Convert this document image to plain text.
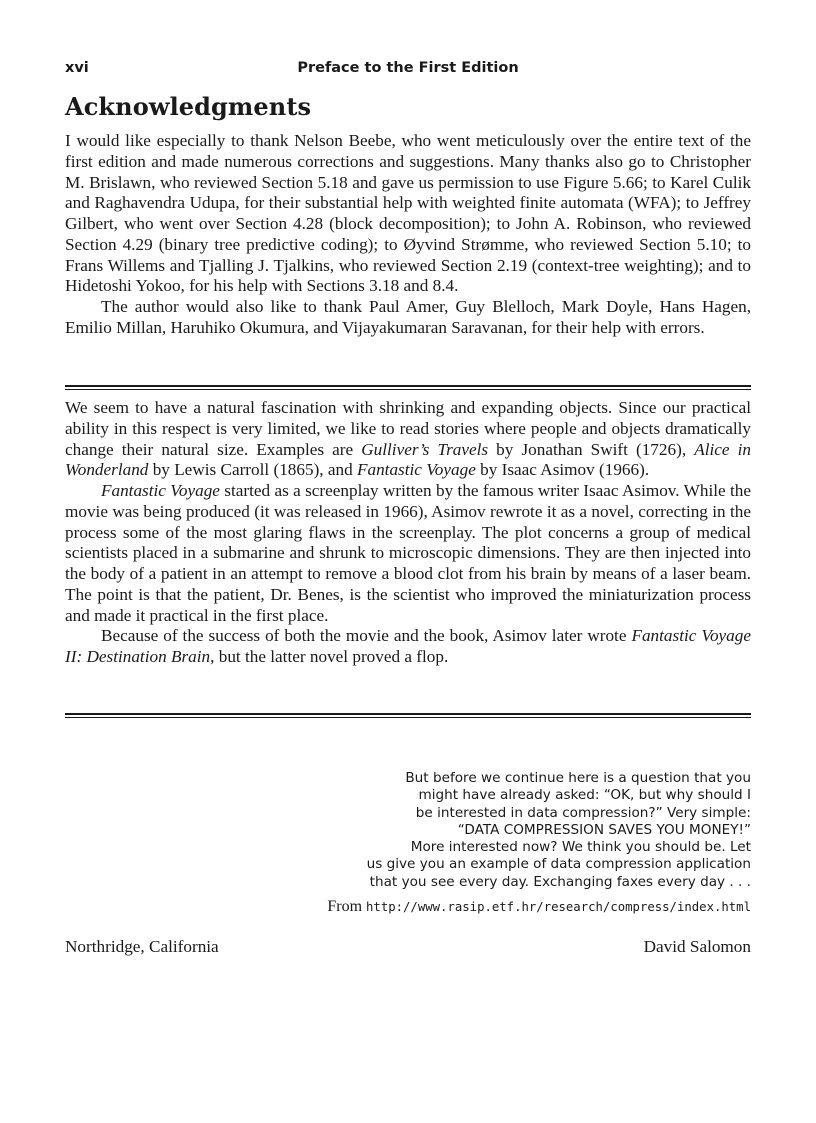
xvi	Preface to the First Edition
Acknowledgments

I would like especially to thank Nelson Beebe, who went meticulously over the entire text of the first edition and made numerous corrections and suggestions. Many thanks also go to Christopher M. Brislawn, who reviewed Section 5.18 and gave us permission to use Figure 5.66; to Karel Culik and Raghavendra Udupa, for their substantial help with weighted finite automata (WFA); to Jeffrey Gilbert, who went over Section 4.28 (block decomposition); to John A. Robinson, who reviewed Section 4.29 (binary tree predictive coding); to Øyvind Strømme, who reviewed Section 5.10; to Frans Willems and Tjalling J. Tjalkins, who reviewed Section 2.19 (context-tree weighting); and to Hidetoshi Yokoo, for his help with Sections 3.18 and 8.4.

The author would also like to thank Paul Amer, Guy Blelloch, Mark Doyle, Hans Hagen, Emilio Millan, Haruhiko Okumura, and Vijayakumaran Saravanan, for their help with errors.

We seem to have a natural fascination with shrinking and expanding objects. Since our practical ability in this respect is very limited, we like to read stories where people and objects dramatically change their natural size. Examples are Gulliver’s Travels by Jonathan Swift (1726), Alice in Wonderland by Lewis Carroll (1865), and Fantastic Voyage by Isaac Asimov (1966).

Fantastic Voyage started as a screenplay written by the famous writer Isaac Asimov. While the movie was being produced (it was released in 1966), Asimov rewrote it as a novel, correcting in the process some of the most glaring flaws in the screenplay. The plot concerns a group of medical scientists placed in a submarine and shrunk to microscopic dimensions. They are then injected into the body of a patient in an attempt to remove a blood clot from his brain by means of a laser beam. The point is that the patient, Dr. Benes, is the scientist who improved the miniaturization process and made it practical in the first place.

Because of the success of both the movie and the book, Asimov later wrote Fantastic Voyage II: Destination Brain, but the latter novel proved a flop.

But before we continue here is a question that you
might have already asked: “OK, but why should I
be interested in data compression?” Very simple:
“DATA COMPRESSION SAVES YOU MONEY!”
More interested now? We think you should be. Let
us give you an example of data compression application
that you see every day. Exchanging faxes every day . . .
From http://www.rasip.etf.hr/research/compress/index.html
Northridge, California	David Salomon
